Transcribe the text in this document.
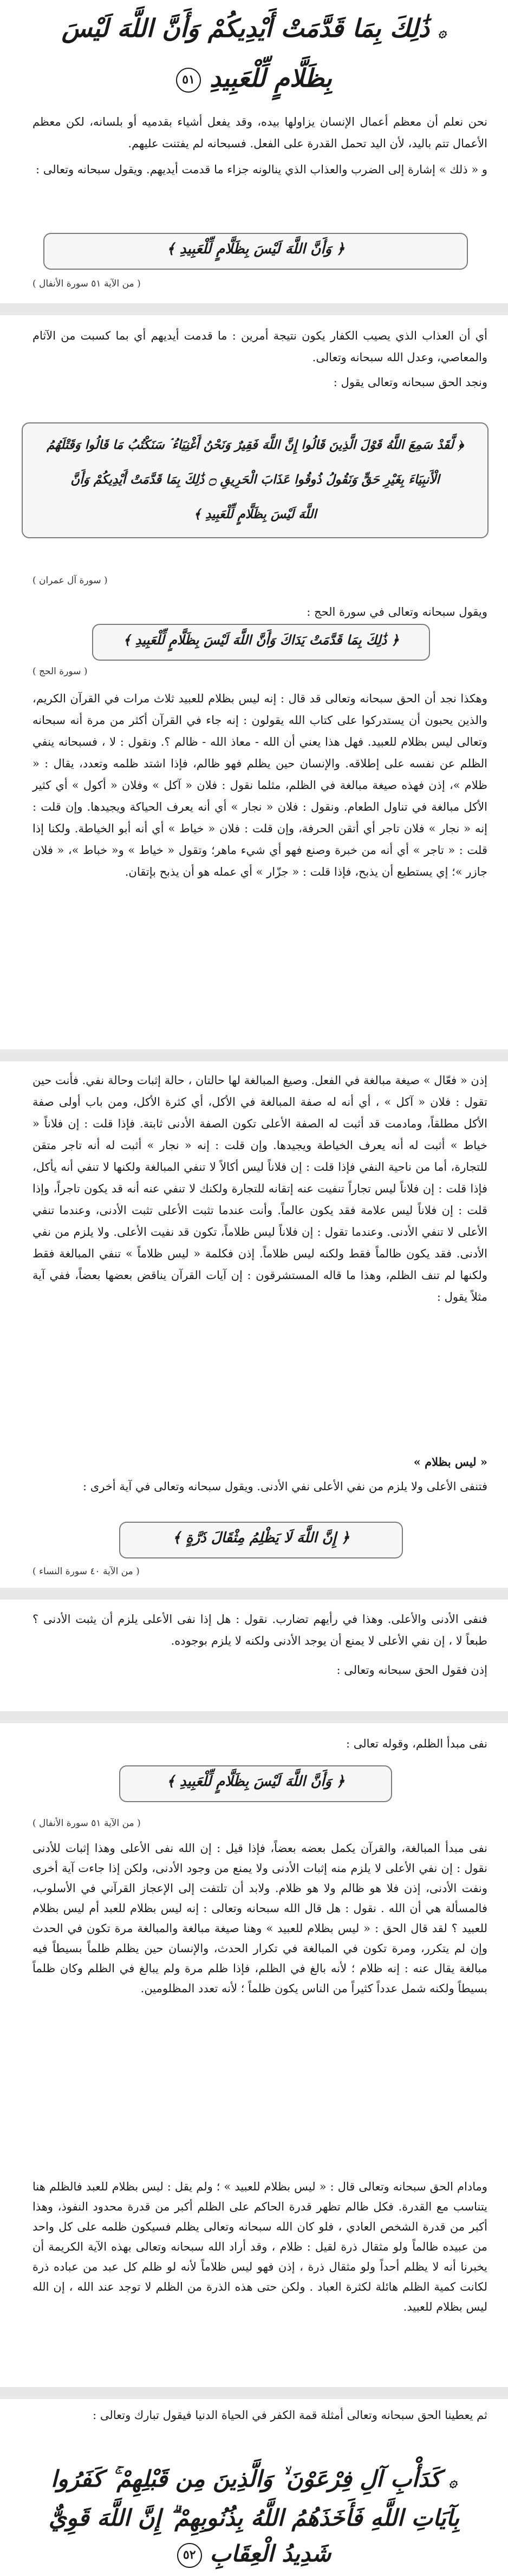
۞ ذَٰلِكَ بِمَا قَدَّمَتْ أَيْدِيكُمْ وَأَنَّ اللَّهَ لَيْسَ
بِظَلَّامٍ لِّلْعَبِيدِ ٥١

نحن نعلم أن معظم أعمال الإنسان يزاولها بيده، وقد يفعل أشياء بقدميه أو بلسانه، لكن معظم الأعمال تتم باليد، لأن اليد تحمل القدرة على الفعل. فسبحانه لم يفتنت عليهم.

و « ذلك » إشارة إلى الضرب والعذاب الذي ينالونه جزاء ما قدمت أيديهم. ويقول سبحانه وتعالى :

﴿ وَأَنَّ اللَّهَ لَيْسَ بِظَلَّامٍ لِّلْعَبِيدِ ﴾
( من الآية ٥١ سورة الأنفال )

أي أن العذاب الذي يصيب الكفار يكون نتيجة أمرين : ما قدمت أيديهم أي بما كسبت من الآثام والمعاصي، وعدل الله سبحانه وتعالى.

ونجد الحق سبحانه وتعالى يقول :

﴿ لَّقَدْ سَمِعَ اللَّهُ قَوْلَ الَّذِينَ قَالُوا إِنَّ اللَّهَ فَقِيرٌ وَنَحْنُ أَغْنِيَاءُ ۘ سَنَكْتُبُ مَا قَالُوا وَقَتْلَهُمُ
الْأَنبِيَاءَ بِغَيْرِ حَقٍّ وَنَقُولُ ذُوقُوا عَذَابَ الْحَرِيقِ ۝ ذَٰلِكَ بِمَا قَدَّمَتْ أَيْدِيكُمْ وَأَنَّ
اللَّهَ لَيْسَ بِظَلَّامٍ لِّلْعَبِيدِ ﴾
( سورة آل عمران )

ويقول سبحانه وتعالى في سورة الحج :

﴿ ذَٰلِكَ بِمَا قَدَّمَتْ يَدَاكَ وَأَنَّ اللَّهَ لَيْسَ بِظَلَّامٍ لِّلْعَبِيدِ ﴾
( سورة الحج )

وهكذا نجد أن الحق سبحانه وتعالى قد قال : إنه ليس بظلام للعبيد ثلاث مرات في القرآن الكريم، والذين يحبون أن يستدركوا على كتاب الله يقولون : إنه جاء في القرآن أكثر من مرة أنه سبحانه وتعالى ليس بظلام للعبيد. فهل هذا يعني أن الله - معاذ الله - ظالم ؟. ونقول : لا ، فسبحانه ينفي الظلم عن نفسه على إطلاقه. والإنسان حين يظلم فهو ظالم، فإذا اشتد ظلمه وتعدد، يقال : « ظلام »، إذن فهذه صيغة مبالغة في الظلم، مثلما نقول : فلان « آكل » وفلان « أكول » أي كثير الأكل مبالغة في تناول الطعام. ونقول : فلان « نجار » أي أنه يعرف الحياكة ويجيدها. وإن قلت : إنه « نجار » فلان تاجر أي أتقن الحرفة، وإن قلت : فلان « خياط » أي أنه أبو الخياطة. ولكنا إذا قلت : « تاجر » أي أنه من خبرة وصنع فهو أي شيء ماهر؛ وتقول « خياط » و« خباط »، « فلان جازر »؛ إي يستطيع أن يذبح، فإذا قلت : « جزّار » أي عمله هو أن يذبح بإتقان.

إذن « فعّال » صيغة مبالغة في الفعل. وصيغ المبالغة لها حالتان ، حالة إثبات وحالة نفي. فأنت حين تقول : فلان « آكل » ، أي أنه له صفة المبالغة في الأكل، أي كثرة الأكل، ومن باب أولى صفة الأكل مطلقاً، ومادمت قد أثبت له الصفة الأعلى تكون الصفة الأدنى ثابتة. فإذا قلت : إن فلاناً « خياط » أثبت له أنه يعرف الخياطة ويجيدها. وإن قلت : إنه « نجار » أثبت له أنه تاجر متقن للتجارة، أما من ناحية النفي فإذا قلت : إن فلاناً ليس أكالاً لا تنفي المبالغة ولكنها لا تنفي أنه يأكل، فإذا قلت : إن فلاناً ليس تجاراً تنفيت عنه إتقانه للتجارة ولكنك لا تنفي عنه أنه قد يكون تاجراً، وإذا قلت : إن فلاناً ليس علامة فقد يكون عالماً. وأنت عندما تثبت الأعلى تثبت الأدنى، وعندما تنفي الأعلى لا تنفي الأدنى. وعندما تقول : إن فلاناً ليس ظلاماً، تكون قد نفيت الأعلى. ولا يلزم من نفي الأدنى. فقد يكون ظالماً فقط ولكنه ليس ظلاماً. إذن فكلمة « ليس ظلاماً » تنفي المبالغة فقط ولكنها لم تنف الظلم، وهذا ما قاله المستشرقون : إن آيات القرآن يناقض بعضها بعضاً، ففي آية مثلاً يقول :

« ليس بظلام »

فتنفى الأعلى ولا يلزم من نفي الأعلى نفي الأدنى. ويقول سبحانه وتعالى في آية أخرى :

﴿ إِنَّ اللَّهَ لَا يَظْلِمُ مِثْقَالَ ذَرَّةٍ ﴾
( من الآية ٤٠ سورة النساء )

فنفى الأدنى والأعلى. وهذا في رأيهم تضارب. نقول : هل إذا نفى الأعلى يلزم أن يثبت الأدنى ؟ طبعاً لا ، إن نفي الأعلى لا يمنع أن يوجد الأدنى ولكنه لا يلزم بوجوده.

إذن فقول الحق سبحانه وتعالى :

نفى مبدأ الظلم، وقوله تعالى :

﴿ وَأَنَّ اللَّهَ لَيْسَ بِظَلَّامٍ لِّلْعَبِيدِ ﴾
( من الآية ٥١ سورة الأنفال )

نفى مبدأ المبالغة، والقرآن يكمل بعضه بعضاً، فإذا قيل : إن الله نفى الأعلى وهذا إثبات للأدنى نقول : إن نفي الأعلى لا يلزم منه إثبات الأدنى ولا يمنع من وجود الأدنى، ولكن إذا جاءت آية أخرى ونفت الأدنى، إذن فلا هو ظالم ولا هو ظلام. ولابد أن تلتفت إلى الإعجاز القرآني في الأسلوب، فالمسألة هي أن الله . نقول : هل قال الله سبحانه وتعالى : إنه ليس بظلام للعبد أم ليس بظلام للعبيد ؟ لقد قال الحق : « ليس بظلام للعبيد » وهنا صيغة مبالغة والمبالغة مرة تكون في الحدث وإن لم يتكرر، ومرة تكون في المبالغة في تكرار الحدث، والإنسان حين يظلم ظلماً بسيطاً فيه مبالغة يقال عنه : إنه ظلام ؛ لأنه بالغ في الظلم، فإذا ظلم مرة ولم يبالغ في الظلم وكان ظلماً بسيطاً ولكنه شمل عدداً كثيراً من الناس يكون ظلماً ؛ لأنه تعدد المظلومين.

ومادام الحق سبحانه وتعالى قال : « ليس بظلام للعبيد » ؛ ولم يقل : ليس بظلام للعبد فالظلم هنا يتناسب مع القدرة. فكل ظالم تظهر قدرة الحاكم على الظلم أكبر من قدرة محدود النفوذ، وهذا أكبر من قدرة الشخص العادي ، فلو كان الله سبحانه وتعالى يظلم فسيكون ظلمه على كل واحد من عبيده ظالماً ولو مثقال ذرة لقيل : ظلام ، وقد أراد الله سبحانه وتعالى بهذه الآية الكريمة أن يخبرنا أنه لا يظلم أحداً ولو مثقال ذرة ، إذن فهو ليس ظلاماً لأنه لو ظلم كل عبد من عباده ذرة لكانت كمية الظلم هائلة لكثرة العباد . ولكن حتى هذه الذرة من الظلم لا توجد عند الله ، إن الله ليس بظلام للعبيد.

ثم يعطينا الحق سبحانه وتعالى أمثلة قمة الكفر في الحياة الدنيا فيقول تبارك وتعالى :

۞ كَدَأْبِ آلِ فِرْعَوْنَ ۙ وَالَّذِينَ مِن قَبْلِهِمْ ۚ كَفَرُوا
بِآيَاتِ اللَّهِ فَأَخَذَهُمُ اللَّهُ بِذُنُوبِهِمْ ۗ إِنَّ اللَّهَ قَوِيٌّ
شَدِيدُ الْعِقَابِ ٥٢
